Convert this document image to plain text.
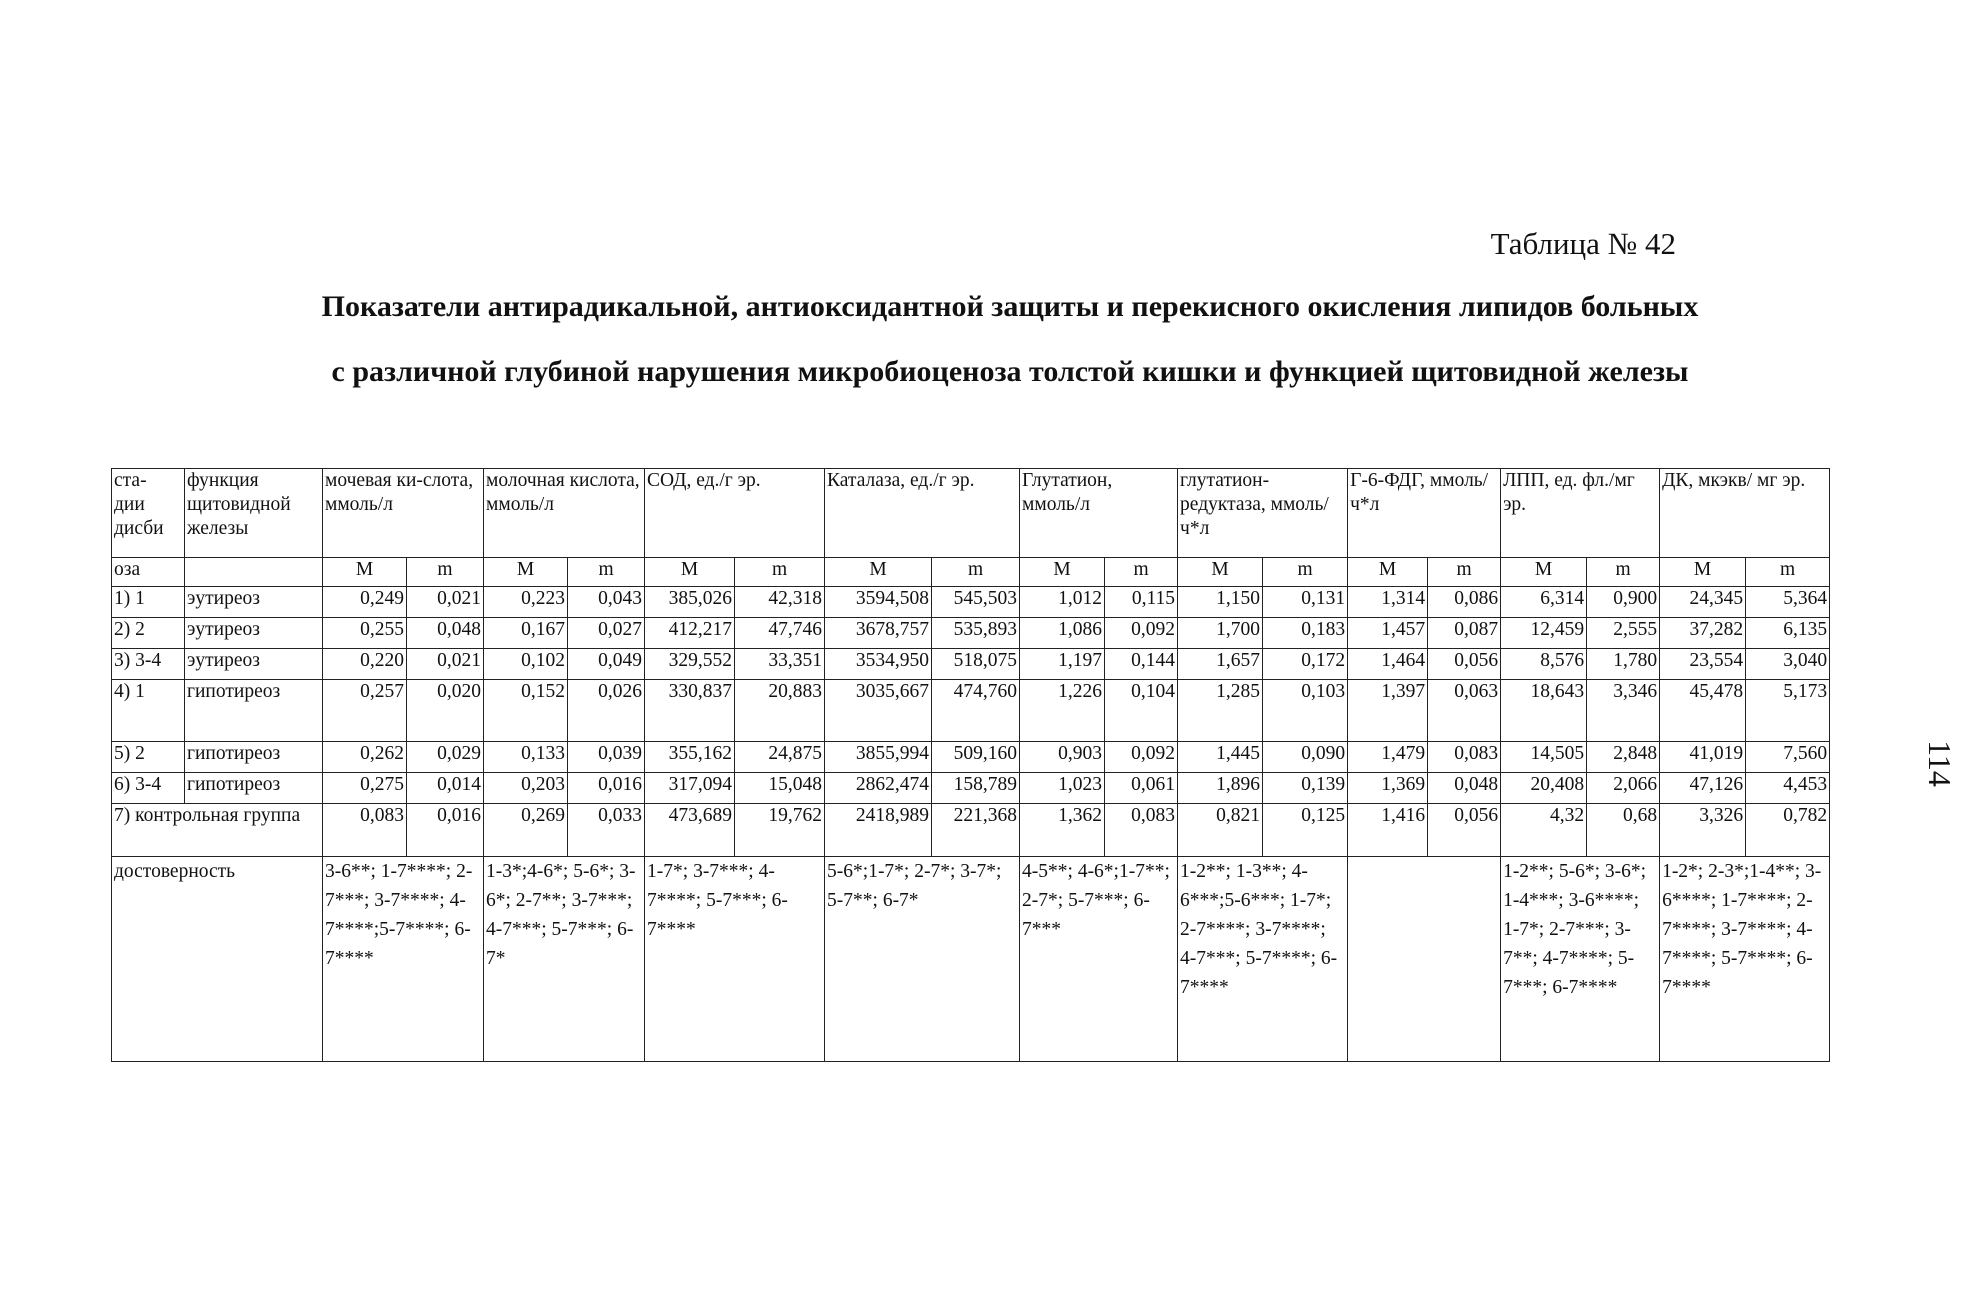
Таблица № 42
Показатели антирадикальной, антиоксидантной защиты и перекисного окисления липидов больных
с различной глубиной нарушения микробиоценоза толстой кишки и функцией щитовидной железы
114
ста-
дии
дисби	функция щитовидной железы	мочевая ки-слота, ммоль/л		молочная кислота, ммоль/л		СОД, ед./г эр.		Каталаза, ед./г эр.		Глутатион, ммоль/л		глутатион-редуктаза, ммоль/ч*л		Г-6-ФДГ, ммоль/ч*л		ЛПП, ед. фл./мг эр.		ДК, мкэкв/ мг эр.	
оза		M	m	M	m	M	m	M	m	M	m	M	m	M	m	M	m	M	m
1) 1	эутиреоз	0,249	0,021	0,223	0,043	385,026	42,318	3594,508	545,503	1,012	0,115	1,150	0,131	1,314	0,086	6,314	0,900	24,345	5,364
2) 2	эутиреоз	0,255	0,048	0,167	0,027	412,217	47,746	3678,757	535,893	1,086	0,092	1,700	0,183	1,457	0,087	12,459	2,555	37,282	6,135
3) 3-4	эутиреоз	0,220	0,021	0,102	0,049	329,552	33,351	3534,950	518,075	1,197	0,144	1,657	0,172	1,464	0,056	8,576	1,780	23,554	3,040
4) 1	гипотиреоз	0,257	0,020	0,152	0,026	330,837	20,883	3035,667	474,760	1,226	0,104	1,285	0,103	1,397	0,063	18,643	3,346	45,478	5,173
5) 2	гипотиреоз	0,262	0,029	0,133	0,039	355,162	24,875	3855,994	509,160	0,903	0,092	1,445	0,090	1,479	0,083	14,505	2,848	41,019	7,560
6) 3-4	гипотиреоз	0,275	0,014	0,203	0,016	317,094	15,048	2862,474	158,789	1,023	0,061	1,896	0,139	1,369	0,048	20,408	2,066	47,126	4,453
7) контрольная группа		0,083	0,016	0,269	0,033	473,689	19,762	2418,989	221,368	1,362	0,083	0,821	0,125	1,416	0,056	4,32	0,68	3,326	0,782
достоверность		3-6**; 1-7****; 2-7***; 3-7****; 4-7****;5-7****; 6-7****		1-3*;4-6*; 5-6*; 3-6*; 2-7**; 3-7***; 4-7***; 5-7***; 6-7*		1-7*; 3-7***; 4-7****; 5-7***; 6-7****		5-6*;1-7*; 2-7*; 3-7*; 5-7**; 6-7*		4-5**; 4-6*;1-7**; 2-7*; 5-7***; 6-7***		1-2**; 1-3**; 4-6***;5-6***; 1-7*; 2-7****; 3-7****; 4-7***; 5-7****; 6-7****				1-2**; 5-6*; 3-6*; 1-4***; 3-6****; 1-7*; 2-7***; 3-7**; 4-7****; 5-7***; 6-7****		1-2*; 2-3*;1-4**; 3-6****; 1-7****; 2-7****; 3-7****; 4-7****; 5-7****; 6-7****	
